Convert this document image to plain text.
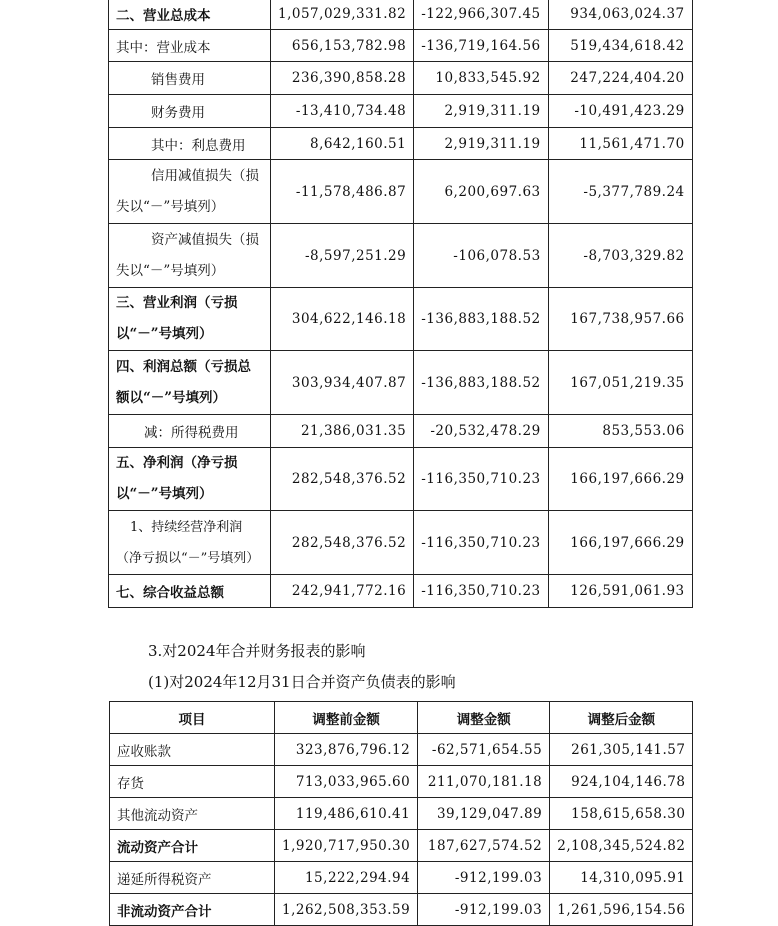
二、营业总成本	1,057,029,331.82	-122,966,307.45	934,063,024.37
其中：营业成本	656,153,782.98	-136,719,164.56	519,434,618.42
销售费用	236,390,858.28	10,833,545.92	247,224,404.20
财务费用	-13,410,734.48	2,919,311.19	-10,491,423.29
其中：利息费用	8,642,160.51	2,919,311.19	11,561,471.70
信用减值损失（损失以“－”号填列）	-11,578,486.87	6,200,697.63	-5,377,789.24
资产减值损失（损失以“－”号填列）	-8,597,251.29	-106,078.53	-8,703,329.82
三、营业利润（亏损以“－”号填列）	304,622,146.18	-136,883,188.52	167,738,957.66
四、利润总额（亏损总额以“－”号填列）	303,934,407.87	-136,883,188.52	167,051,219.35
减：所得税费用	21,386,031.35	-20,532,478.29	853,553.06
五、净利润（净亏损以“－”号填列）	282,548,376.52	-116,350,710.23	166,197,666.29
1、持续经营净利润（净亏损以“－”号填列）	282,548,376.52	-116,350,710.23	166,197,666.29
七、综合收益总额	242,941,772.16	-116,350,710.23	126,591,061.93
3.对2024年合并财务报表的影响
(1)对2024年12月31日合并资产负债表的影响
项目	调整前金额	调整金额	调整后金额
应收账款	323,876,796.12	-62,571,654.55	261,305,141.57
存货	713,033,965.60	211,070,181.18	924,104,146.78
其他流动资产	119,486,610.41	39,129,047.89	158,615,658.30
流动资产合计	1,920,717,950.30	187,627,574.52	2,108,345,524.82
递延所得税资产	15,222,294.94	-912,199.03	14,310,095.91
非流动资产合计	1,262,508,353.59	-912,199.03	1,261,596,154.56
